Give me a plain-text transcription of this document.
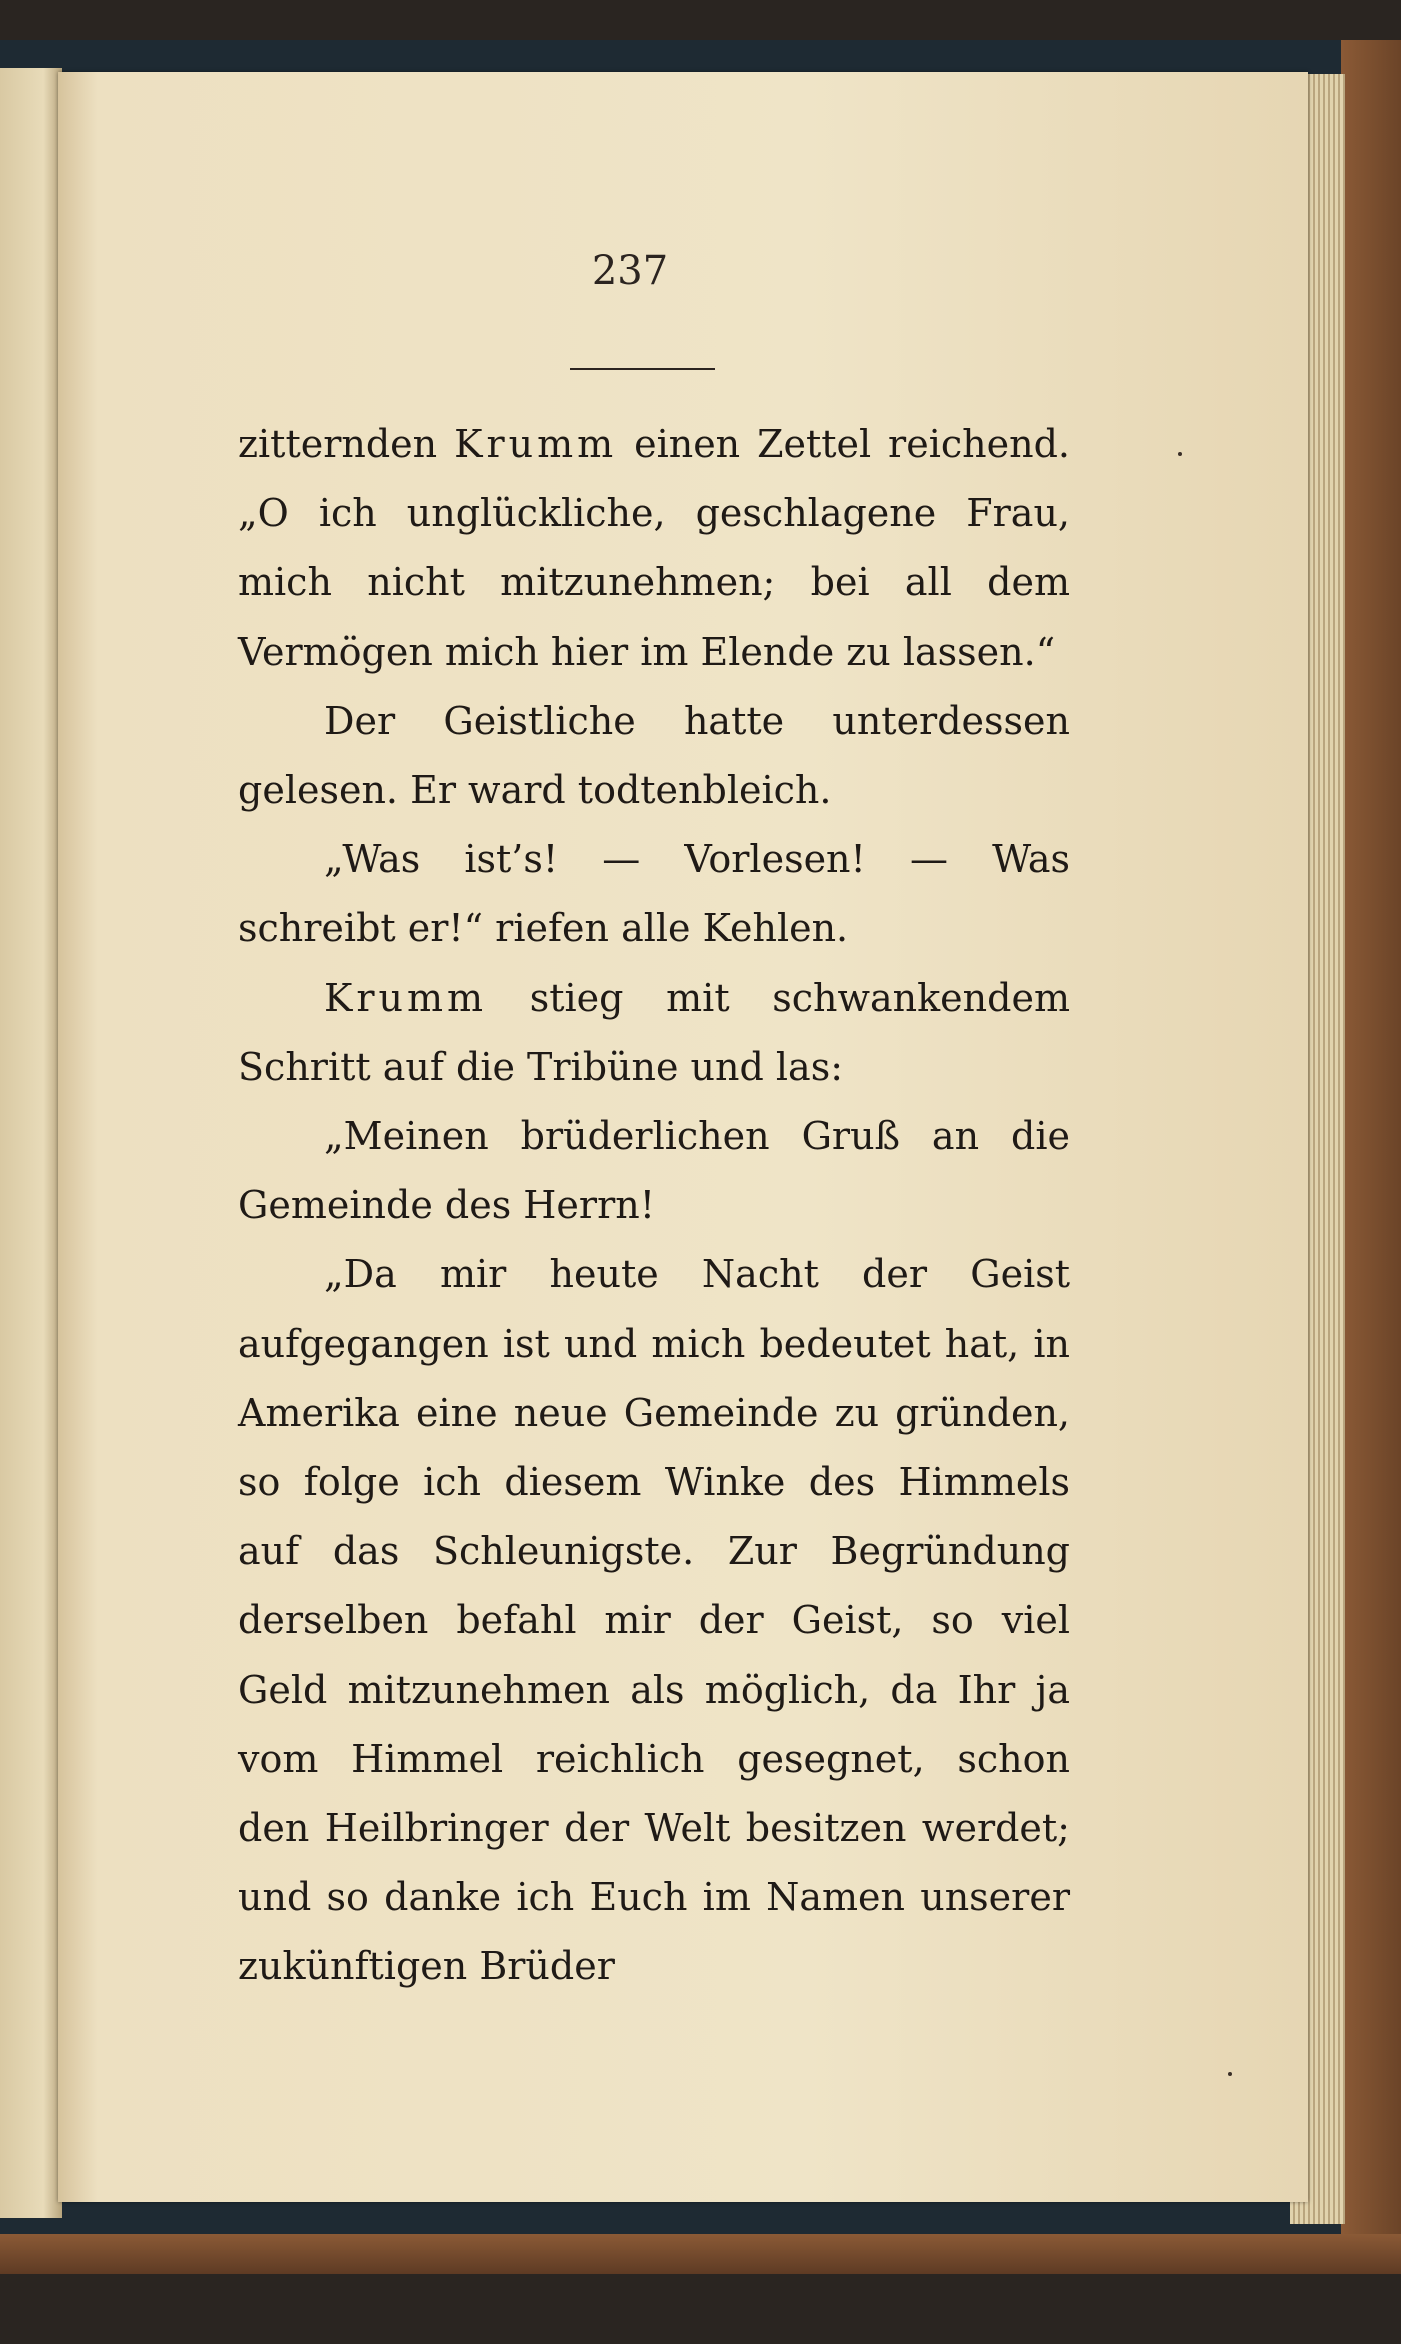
237

zitternden Krumm einen Zettel reichend. „O ich unglückliche, geschlagene Frau, mich nicht mitzunehmen; bei all dem Vermögen mich hier im Elende zu lassen.“

Der Geistliche hatte unterdessen gelesen. Er ward todtenbleich.

„Was ist’s! — Vorlesen! — Was schreibt er!“ riefen alle Kehlen.

Krumm stieg mit schwankendem Schritt auf die Tribüne und las:

„Meinen brüderlichen Gruß an die Gemeinde des Herrn!

„Da mir heute Nacht der Geist aufgegangen ist und mich bedeutet hat, in Amerika eine neue Gemeinde zu gründen, so folge ich diesem Winke des Himmels auf das Schleunigste. Zur Begründung derselben befahl mir der Geist, so viel Geld mitzunehmen als möglich, da Ihr ja vom Himmel reichlich gesegnet, schon den Heilbringer der Welt besitzen werdet; und so danke ich Euch im Namen unserer zukünftigen Brüder
